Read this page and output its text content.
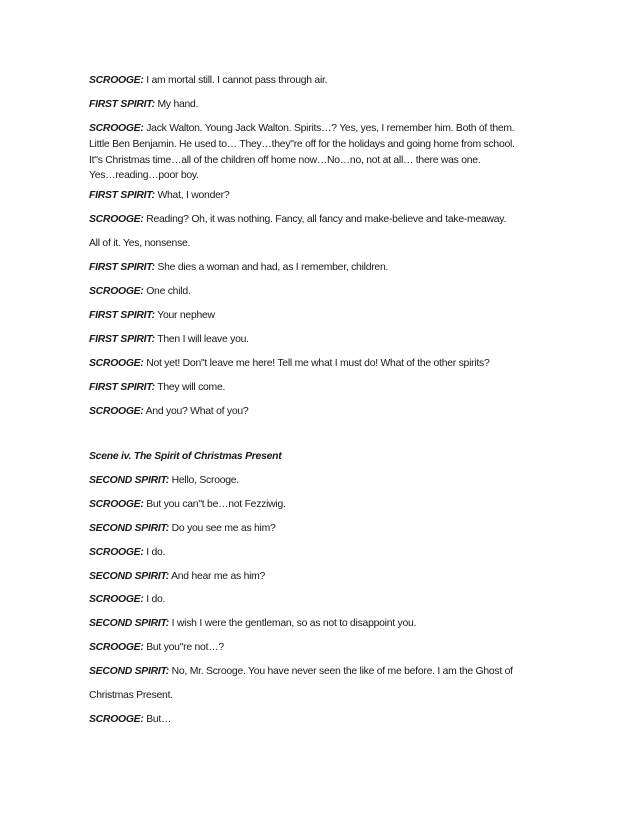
SCROOGE: I am mortal still. I cannot pass through air.
FIRST SPIRIT: My hand.
SCROOGE: Jack Walton. Young Jack Walton. Spirits…? Yes, yes, I remember him. Both of them.
Little Ben Benjamin. He used to… They…they"re off for the holidays and going home from school.
It"s Christmas time…all of the children off home now…No…no, not at all… there was one.
Yes…reading…poor boy.
FIRST SPIRIT: What, I wonder?
SCROOGE: Reading? Oh, it was nothing. Fancy, all fancy and make-believe and take-meaway.
All of it. Yes, nonsense.
FIRST SPIRIT: She dies a woman and had, as I remember, children.
SCROOGE: One child.
FIRST SPIRIT: Your nephew
FIRST SPIRIT: Then I will leave you.
SCROOGE: Not yet! Don"t leave me here! Tell me what I must do! What of the other spirits?
FIRST SPIRIT: They will come.
SCROOGE: And you? What of you?
Scene iv. The Spirit of Christmas Present
SECOND SPIRIT: Hello, Scrooge.
SCROOGE: But you can"t be…not Fezziwig.
SECOND SPIRIT: Do you see me as him?
SCROOGE: I do.
SECOND SPIRIT: And hear me as him?
SCROOGE: I do.
SECOND SPIRIT: I wish I were the gentleman, so as not to disappoint you.
SCROOGE: But you"re not…?
SECOND SPIRIT: No, Mr. Scrooge. You have never seen the like of me before. I am the Ghost of
Christmas Present.
SCROOGE: But…
